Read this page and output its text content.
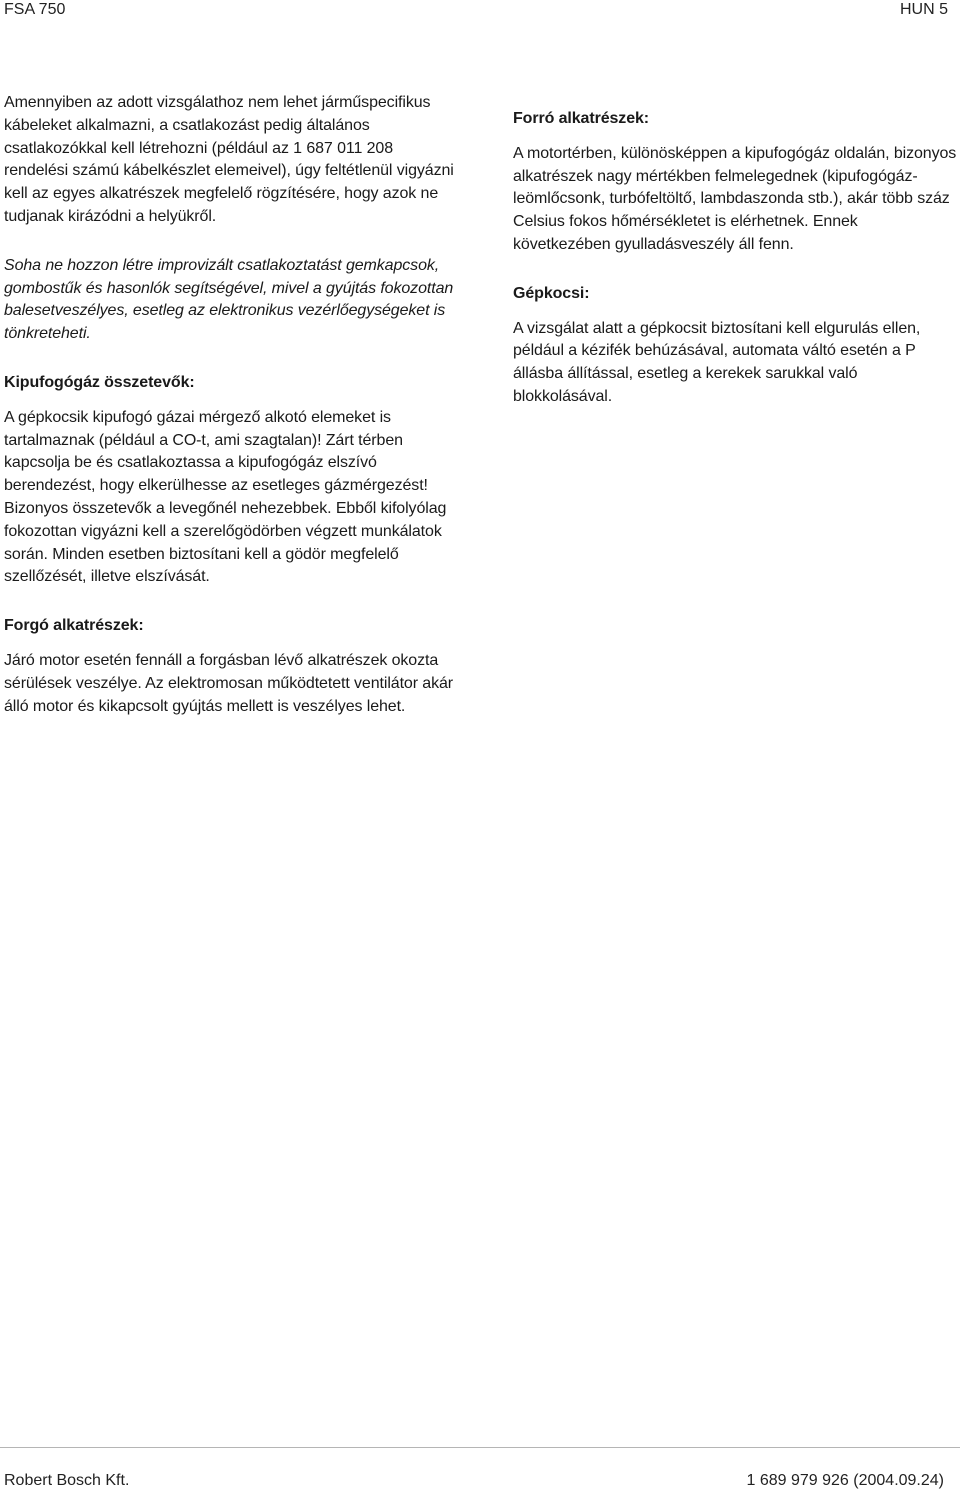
FSA 750	HUN 5

Amennyiben az adott vizsgálathoz nem lehet járműspecifikus kábeleket alkalmazni, a csatlakozást pedig általános csatlakozókkal kell létrehozni (például az 1 687 011 208 rendelési számú kábelkészlet elemeivel), úgy feltétlenül vigyázni kell az egyes alkatrészek megfelelő rögzítésére, hogy azok ne tudjanak kirázódni a helyükről.

Soha ne hozzon létre improvizált csatlakoztatást gemkapcsok, gombostűk és hasonlók segítségével, mivel a gyújtás fokozottan balesetveszélyes, esetleg az elektronikus vezérlőegységeket is tönkreteheti.

Kipufogógáz összetevők:

A gépkocsik kipufogó gázai mérgező alkotó elemeket is tartalmaznak (például a CO-t, ami szagtalan)! Zárt térben kapcsolja be és csatlakoztassa a kipufogógáz elszívó berendezést, hogy elkerülhesse az esetleges gázmérgezést! Bizonyos összetevők a levegőnél nehezebbek. Ebből kifolyólag fokozottan vigyázni kell a szerelőgödörben végzett munkálatok során. Minden esetben biztosítani kell a gödör megfelelő szellőzését, illetve elszívását.

Forgó alkatrészek:

Járó motor esetén fennáll a forgásban lévő alkatrészek okozta sérülések veszélye. Az elektromosan működtetett ventilátor akár álló motor és kikapcsolt gyújtás mellett is veszélyes lehet.

Forró alkatrészek:

A motortérben, különösképpen a kipufogógáz oldalán, bizonyos alkatrészek nagy mértékben felmelegednek (kipufogógáz-leömlőcsonk, turbófeltöltő, lambdaszonda stb.), akár több száz Celsius fokos hőmérsékletet is elérhetnek. Ennek következében gyulladásveszély áll fenn.

Gépkocsi:

A vizsgálat alatt a gépkocsit biztosítani kell elgurulás ellen, például a kézifék behúzásával, automata váltó esetén a P állásba állítással, esetleg a kerekek sarukkal való blokkolásával.

Robert Bosch Kft.	1 689 979 926 (2004.09.24)
